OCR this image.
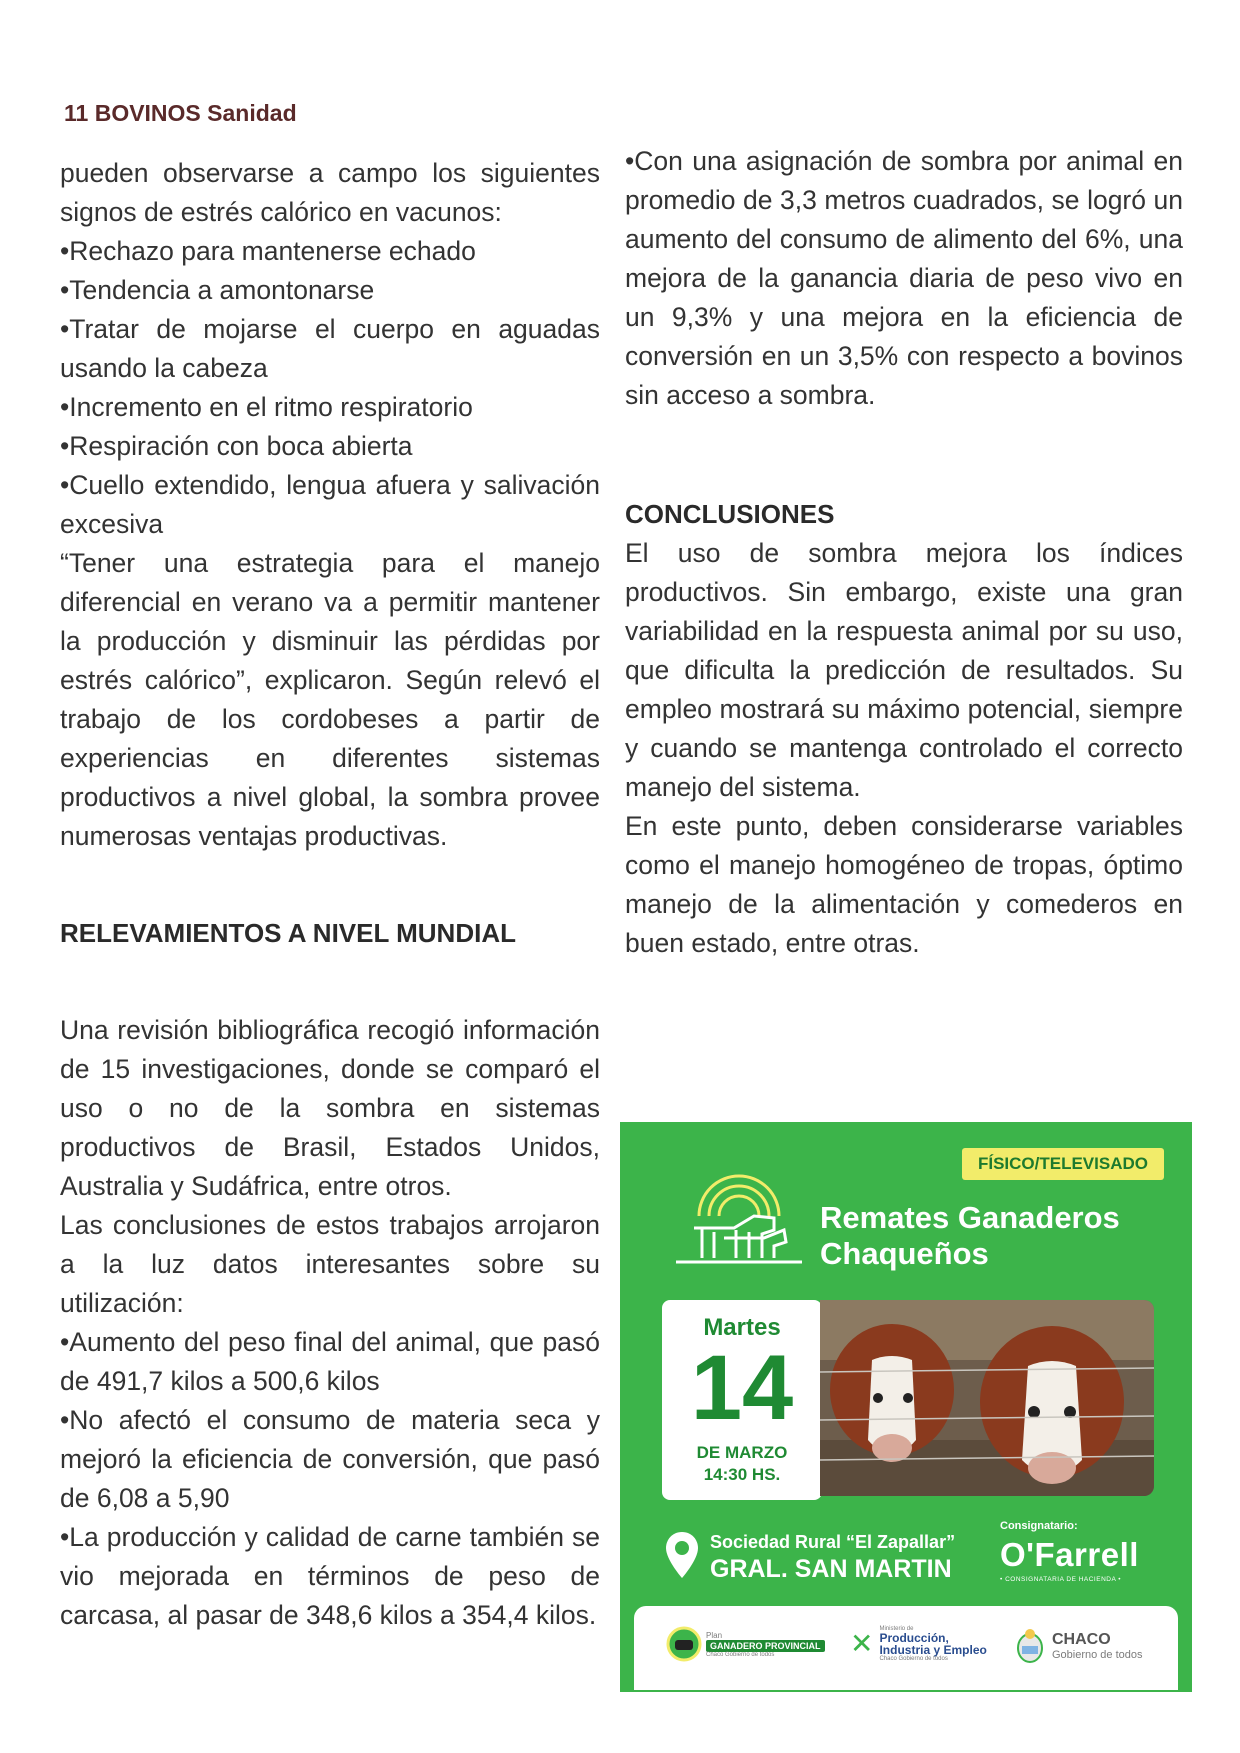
11 BOVINOS Sanidad

pueden observarse a campo los siguientes signos de estrés calórico en vacunos:

•Rechazo para mantenerse echado

•Tendencia a amontonarse

•Tratar de mojarse el cuerpo en aguadas usando la cabeza

•Incremento en el ritmo respiratorio

•Respiración con boca abierta

•Cuello extendido, lengua afuera y salivación excesiva

“Tener una estrategia para el manejo diferencial en verano va a permitir mantener la producción y disminuir las pérdidas por estrés calórico”, explicaron. Según relevó el trabajo de los cordobeses a partir de experiencias en diferentes sistemas productivos a nivel global, la sombra provee numerosas ventajas productivas.

RELEVAMIENTOS A NIVEL MUNDIAL

Una revisión bibliográfica recogió información de 15 investigaciones, donde se comparó el uso o no de la sombra en sistemas productivos de Brasil, Estados Unidos, Australia y Sudáfrica, entre otros.

Las conclusiones de estos trabajos arrojaron a la luz datos interesantes sobre su utilización:

•Aumento del peso final del animal, que pasó de 491,7 kilos a 500,6 kilos

•No afectó el consumo de materia seca y mejoró la eficiencia de conversión, que pasó de 6,08 a 5,90

•La producción y calidad de carne también se vio mejorada en términos de peso de carcasa, al pasar de 348,6 kilos a 354,4 kilos.

•Con una asignación de sombra por animal en promedio de 3,3 metros cuadrados, se logró un aumento del consumo de alimento del 6%, una mejora de la ganancia diaria de peso vivo en un 9,3% y una mejora en la eficiencia de conversión en un 3,5% con respecto a bovinos sin acceso a sombra.

CONCLUSIONES

El uso de sombra mejora los índices productivos. Sin embargo, existe una gran variabilidad en la respuesta animal por su uso, que dificulta la predicción de resultados. Su empleo mostrará su máximo potencial, siempre y cuando se mantenga controlado el correcto manejo del sistema.

En este punto, deben considerarse variables como el manejo homogéneo de tropas, óptimo manejo de la alimentación y comederos en buen estado, entre otras.

FÍSICO/TELEVISADO
Remates Ganaderos
Chaqueños
Martes
14
DE MARZO
14:30 HS.
Sociedad Rural “El Zapallar”
GRAL. SAN MARTIN
Consignatario:
O'Farrell
• CONSIGNATARIA DE HACIENDA •
Plan
GANADERO PROVINCIAL
Chaco Gobierno de todos	✕ Ministerio de
Producción, Industria y Empleo
Chaco Gobierno de todos
CHACO
Gobierno de todos
